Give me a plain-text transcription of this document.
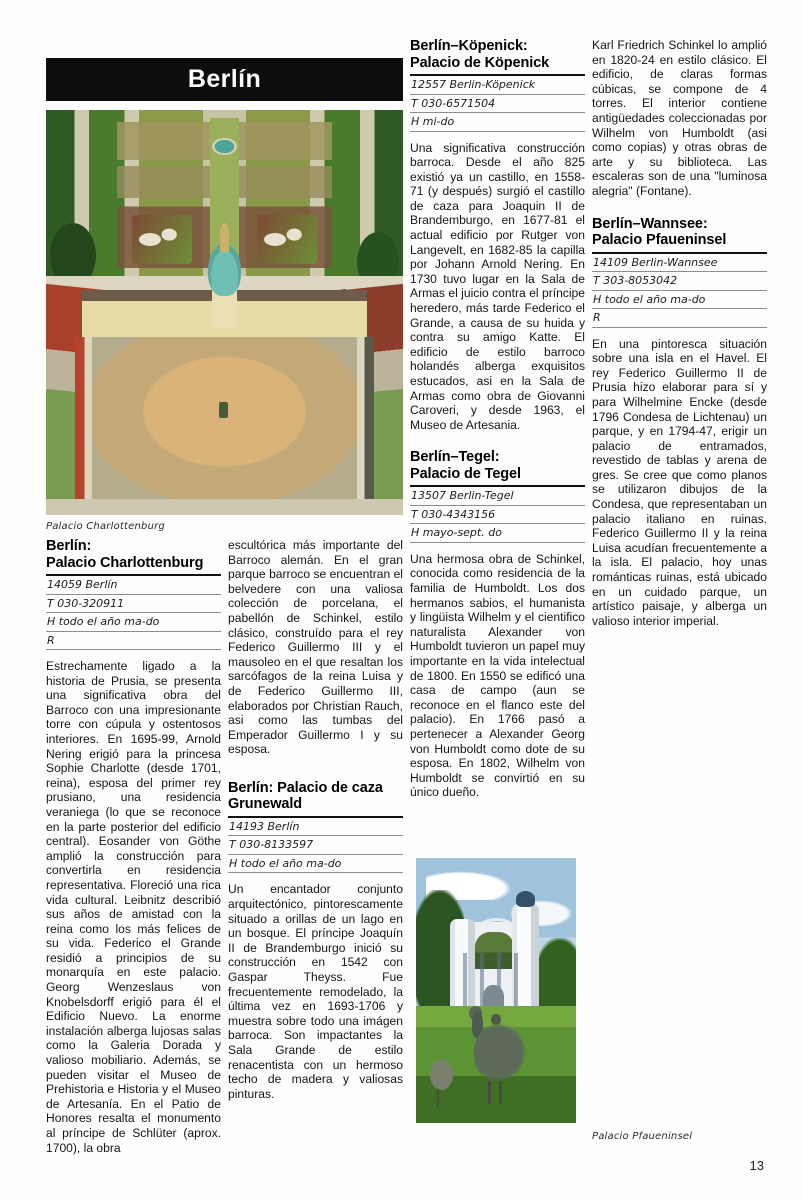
Berlín
Palacio Charlottenburg
Berlín:
Palacio Charlottenburg
14059 Berlín
T 030-320911
H todo el año ma-do
R

Estrechamente ligado a la historia de Prusia, se presenta una significativa obra del Barroco con una impresionante torre con cúpula y ostentosos interiores. En 1695-99, Arnold Nering erigió para la princesa Sophie Charlotte (desde 1701, reina), esposa del primer rey prusiano, una residencia veraniega (lo que se reconoce en la parte posterior del edificio central). Eosander von Göthe amplió la construcción para convertirla en residencia representativa. Floreció una rica vida cultural. Leibnitz describió sus años de amistad con la reina como los más felices de su vida. Federico el Grande residió a principios de su monarquía en este palacio. Georg Wenzeslaus von Knobelsdorff erigió para él el Edificio Nuevo. La enorme instalación alberga lujosas salas como la Galeria Dorada y valioso mobiliario. Además, se pueden visitar el Museo de Prehistoria e Historia y el Museo de Artesanía. En el Patio de Honores resalta el monumento al príncipe de Schlüter (aprox. 1700), la obra

escultórica más importante del Barroco alemán. En el gran parque barroco se encuentran el belvedere con una valiosa colección de porcelana, el pabellón de Schinkel, estilo clásico, construído para el rey Federico Guillermo III y el mausoleo en el que resaltan los sarcófagos de la reina Luisa y de Federico Guillermo III, elaborados por Christian Rauch, asi como las tumbas del Emperador Guillermo I y su esposa.

Berlín: Palacio de caza
Grunewald
14193 Berlín
T 030-8133597
H todo el año ma-do

Un encantador conjunto arquitectónico, pintorescamente situado a orillas de un lago en un bosque. El príncipe Joaquín II de Brandemburgo inició su construcción en 1542 con Gaspar Theyss. Fue frecuentemente remodelado, la última vez en 1693-1706 y muestra sobre todo una imágen barroca. Son impactantes la Sala Grande de estilo renacentista con un hermoso techo de madera y valiosas pinturas.

Berlín–Köpenick:
Palacio de Köpenick
12557 Berlin-Köpenick
T 030-6571504
H mi-do

Una significativa construcción barroca. Desde el año 825 existió ya un castillo, en 1558-71 (y después) surgió el castillo de caza para Joaquin II de Brandemburgo, en 1677-81 el actual edificio por Rutger von Langevelt, en 1682-85 la capilla por Johann Arnold Nering. En 1730 tuvo lugar en la Sala de Armas el juicio contra el príncipe heredero, más tarde Federico el Grande, a causa de su huida y contra su amigo Katte. El edificio de estilo barroco holandés alberga exquisitos estucados, asi en la Sala de Armas como obra de Giovanni Caroveri, y desde 1963, el Museo de Artesania.

Berlín–Tegel:
Palacio de Tegel
13507 Berlin-Tegel
T 030-4343156
H mayo-sept. do

Una hermosa obra de Schinkel, conocida como residencia de la familia de Humboldt. Los dos hermanos sabios, el humanista y lingüista Wilhelm y el cientifico naturalista Alexander von Humboldt tuvieron un papel muy importante en la vida intelectual de 1800. En 1550 se edificó una casa de campo (aun se reconoce en el flanco este del palacio). En 1766 pasó a pertenecer a Alexander Georg von Humboldt como dote de su esposa. En 1802, Wilhelm von Humboldt se convirtió en su único dueño.

Karl Friedrich Schinkel lo amplió en 1820-24 en estilo clásico. El edificio, de claras formas cúbicas, se compone de 4 torres. El interior contiene antigüedades coleccionadas por Wilhelm von Humboldt (asi como copias) y otras obras de arte y su biblioteca. Las escaleras son de una "luminosa alegria" (Fontane).

Berlín–Wannsee:
Palacio Pfaueninsel
14109 Berlin-Wannsee
T 303-8053042
H todo el año ma-do
R

En una pintoresca situación sobre una isla en el Havel. El rey Federico Guillermo II de Prusia hizo elaborar para sí y para Wilhelmine Encke (desde 1796 Condesa de Lichtenau) un parque, y en 1794-47, erigir un palacio de entramados, revestido de tablas y arena de gres. Se cree que como planos se utilizaron dibujos de la Condesa, que representaban un palacio italiano en ruinas. Federico Guillermo II y la reina Luisa acudían frecuentemente a la isla. El palacio, hoy unas románticas ruinas, está ubicado en un cuidado parque, un artístico paisaje, y alberga un valioso interior imperial.

Palacio Pfaueninsel
13
